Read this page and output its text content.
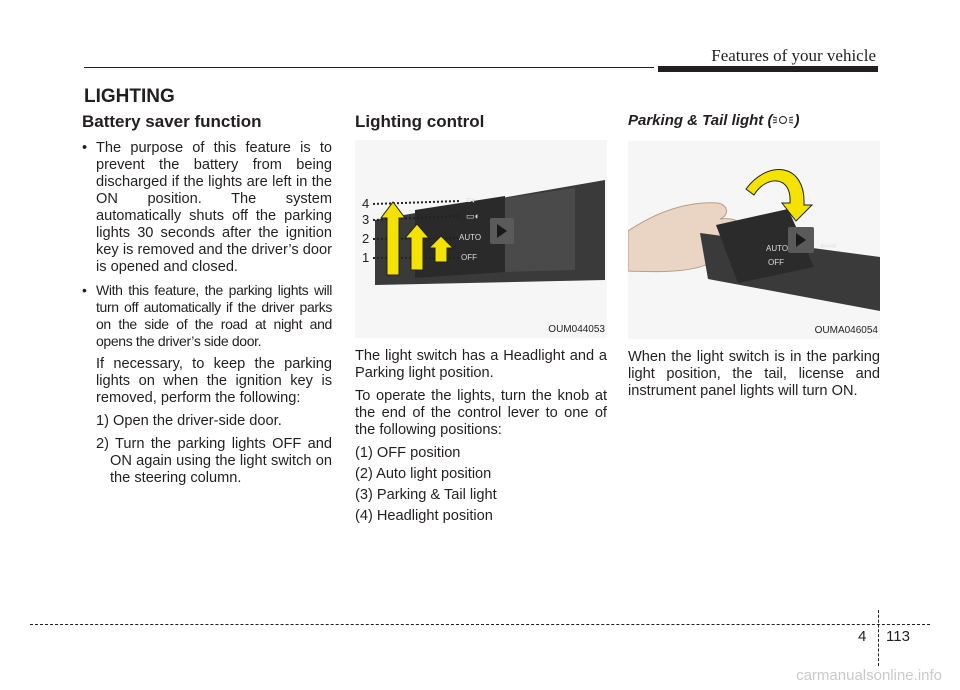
Features of your vehicle
LIGHTING
Battery saver function
• The purpose of this feature is to prevent the battery from being discharged if the lights are left in the ON position. The system automatically shuts off the parking lights 30 seconds after the ignition key is removed and the driver’s door is opened and closed.
• With this feature, the parking lights will turn off automatically if the driver parks on the side of the road at night and opens the driver’s side door.
If necessary, to keep the parking lights on when the ignition key is removed, perform the following:
1) Open the driver-side door.
2) Turn the parking lights OFF and ON again using the light switch on the steering column.
Lighting control
≡◐
▭◐
AUTO
OFF
4
3
2
1
OUM044053
The light switch has a Headlight and a Parking light position.
To operate the lights, turn the knob at the end of the control lever to one of the following positions:
(1) OFF position
(2) Auto light position
(3) Parking & Tail light
(4) Headlight position
Parking & Tail light ( )
AUTO
OFF
⇦⇨
OUMA046054
When the light switch is in the parking light position, the tail, license and instrument panel lights will turn ON.
4 113
carmanualsonline.info
